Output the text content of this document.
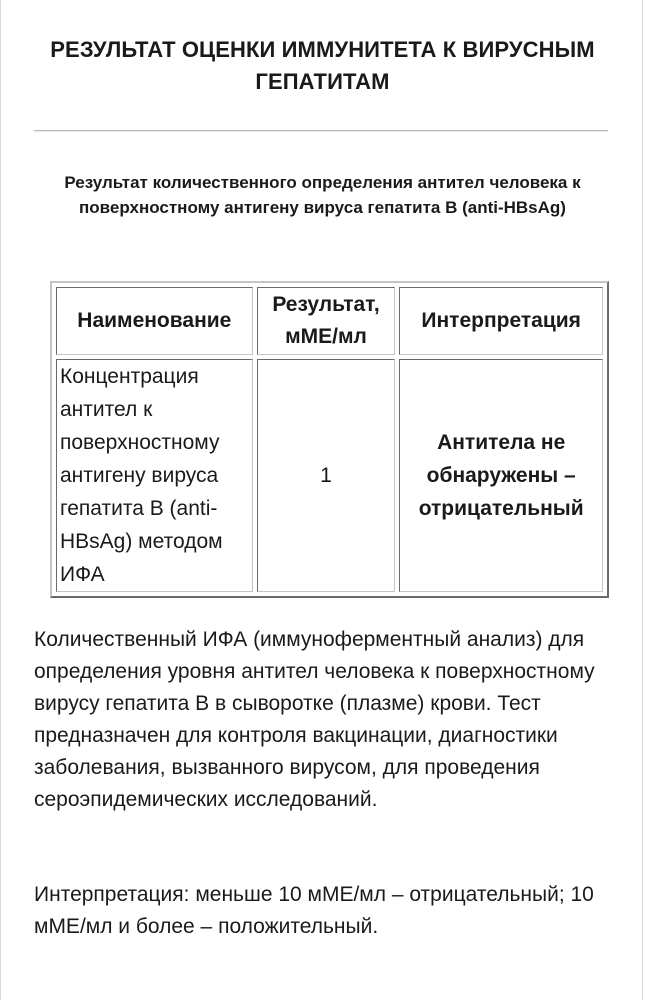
РЕЗУЛЬТАТ ОЦЕНКИ ИММУНИТЕТА К ВИРУСНЫМ ГЕПАТИТАМ
Результат количественного определения антител человека к поверхностному антигену вируса гепатита В (anti-HBsAg)
Наименование	Результат, мМЕ/мл	Интерпретация
Концентрация антител к поверхностному антигену вируса гепатита В (anti-HBsAg) методом ИФА	1	Антитела не обнаружены – отрицательный

Количественный ИФА (иммуноферментный анализ) для определения уровня антител человека к поверхностному вирусу гепатита В в сыворотке (плазме) крови. Тест предназначен для контроля вакцинации, диагностики заболевания, вызванного вирусом, для проведения сероэпидемических исследований.

Интерпретация: меньше 10 мМЕ/мл – отрицательный; 10 мМЕ/мл и более – положительный.
